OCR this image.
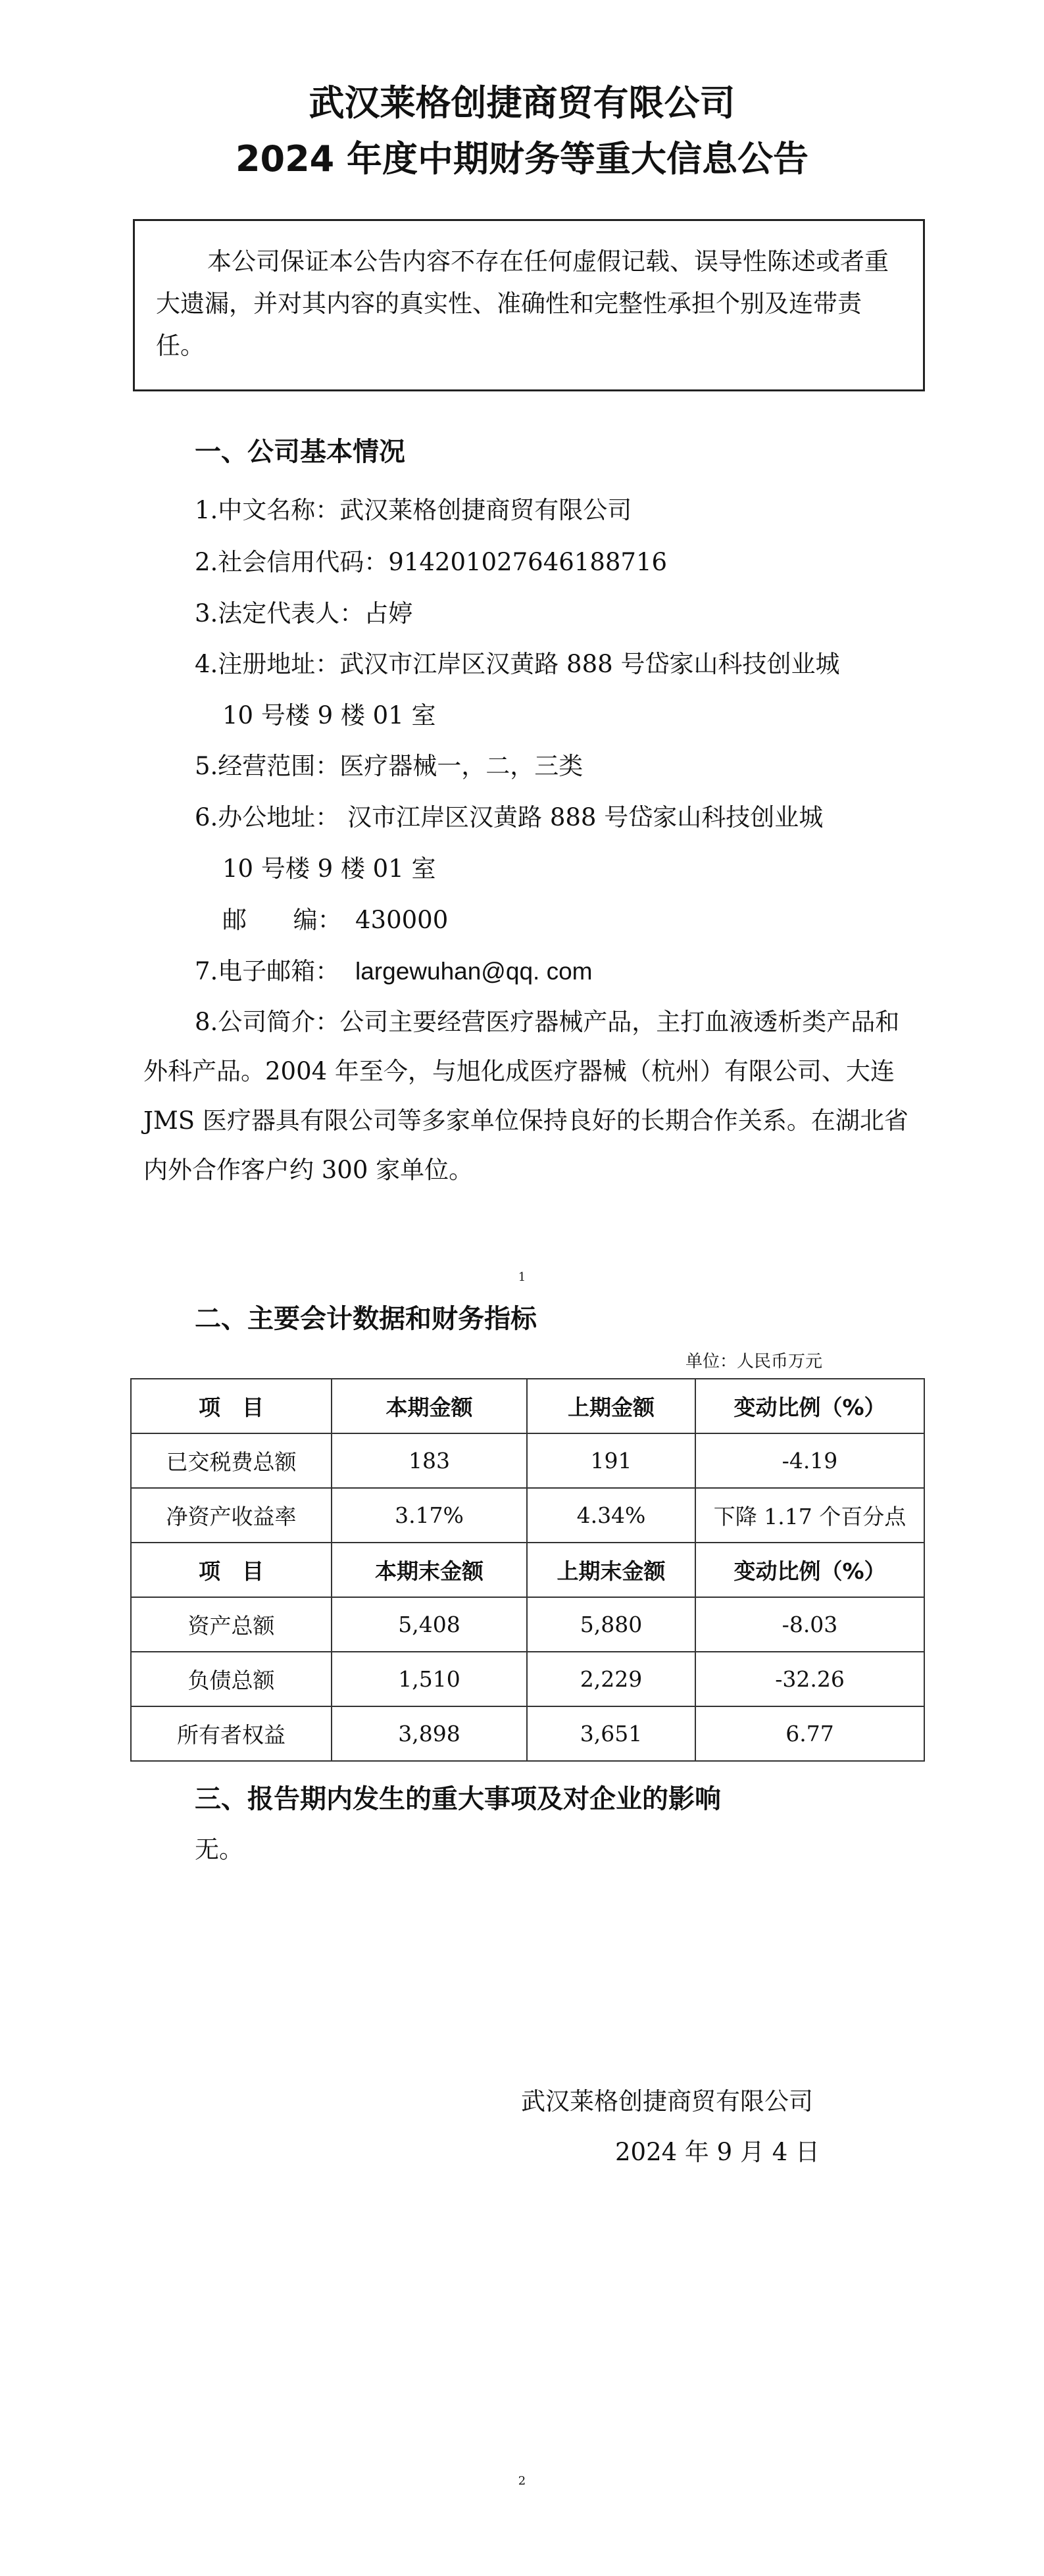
武汉莱格创捷商贸有限公司
2024 年度中期财务等重大信息公告
本公司保证本公告内容不存在任何虚假记载、误导性陈述或者重大遗漏，并对其内容的真实性、准确性和完整性承担个别及连带责任。
一、公司基本情况
1.中文名称：武汉莱格创捷商贸有限公司
2.社会信用代码：914201027646188716
3.法定代表人：占婷
4.注册地址：武汉市江岸区汉黄路 888 号岱家山科技创业城
10 号楼 9 楼 01 室
5.经营范围：医疗器械一，二，三类
6.办公地址： 汉市江岸区汉黄路 888 号岱家山科技创业城
10 号楼 9 楼 01 室
邮      编： 430000
7.电子邮箱： largewuhan@qq. com
8.公司简介：公司主要经营医疗器械产品，主打血液透析类产品和外科产品。2004 年至今，与旭化成医疗器械（杭州）有限公司、大连 JMS 医疗器具有限公司等多家单位保持良好的长期合作关系。在湖北省内外合作客户约 300 家单位。
1
二、主要会计数据和财务指标
单位：人民币万元
项　目	本期金额	上期金额	变动比例（%）
已交税费总额	183	191	-4.19
净资产收益率	3.17%	4.34%	下降 1.17 个百分点
项　目	本期末金额	上期末金额	变动比例（%）
资产总额	5,408	5,880	-8.03
负债总额	1,510	2,229	-32.26
所有者权益	3,898	3,651	6.77
三、报告期内发生的重大事项及对企业的影响
无。
武汉莱格创捷商贸有限公司
2024 年 9 月 4 日
2
